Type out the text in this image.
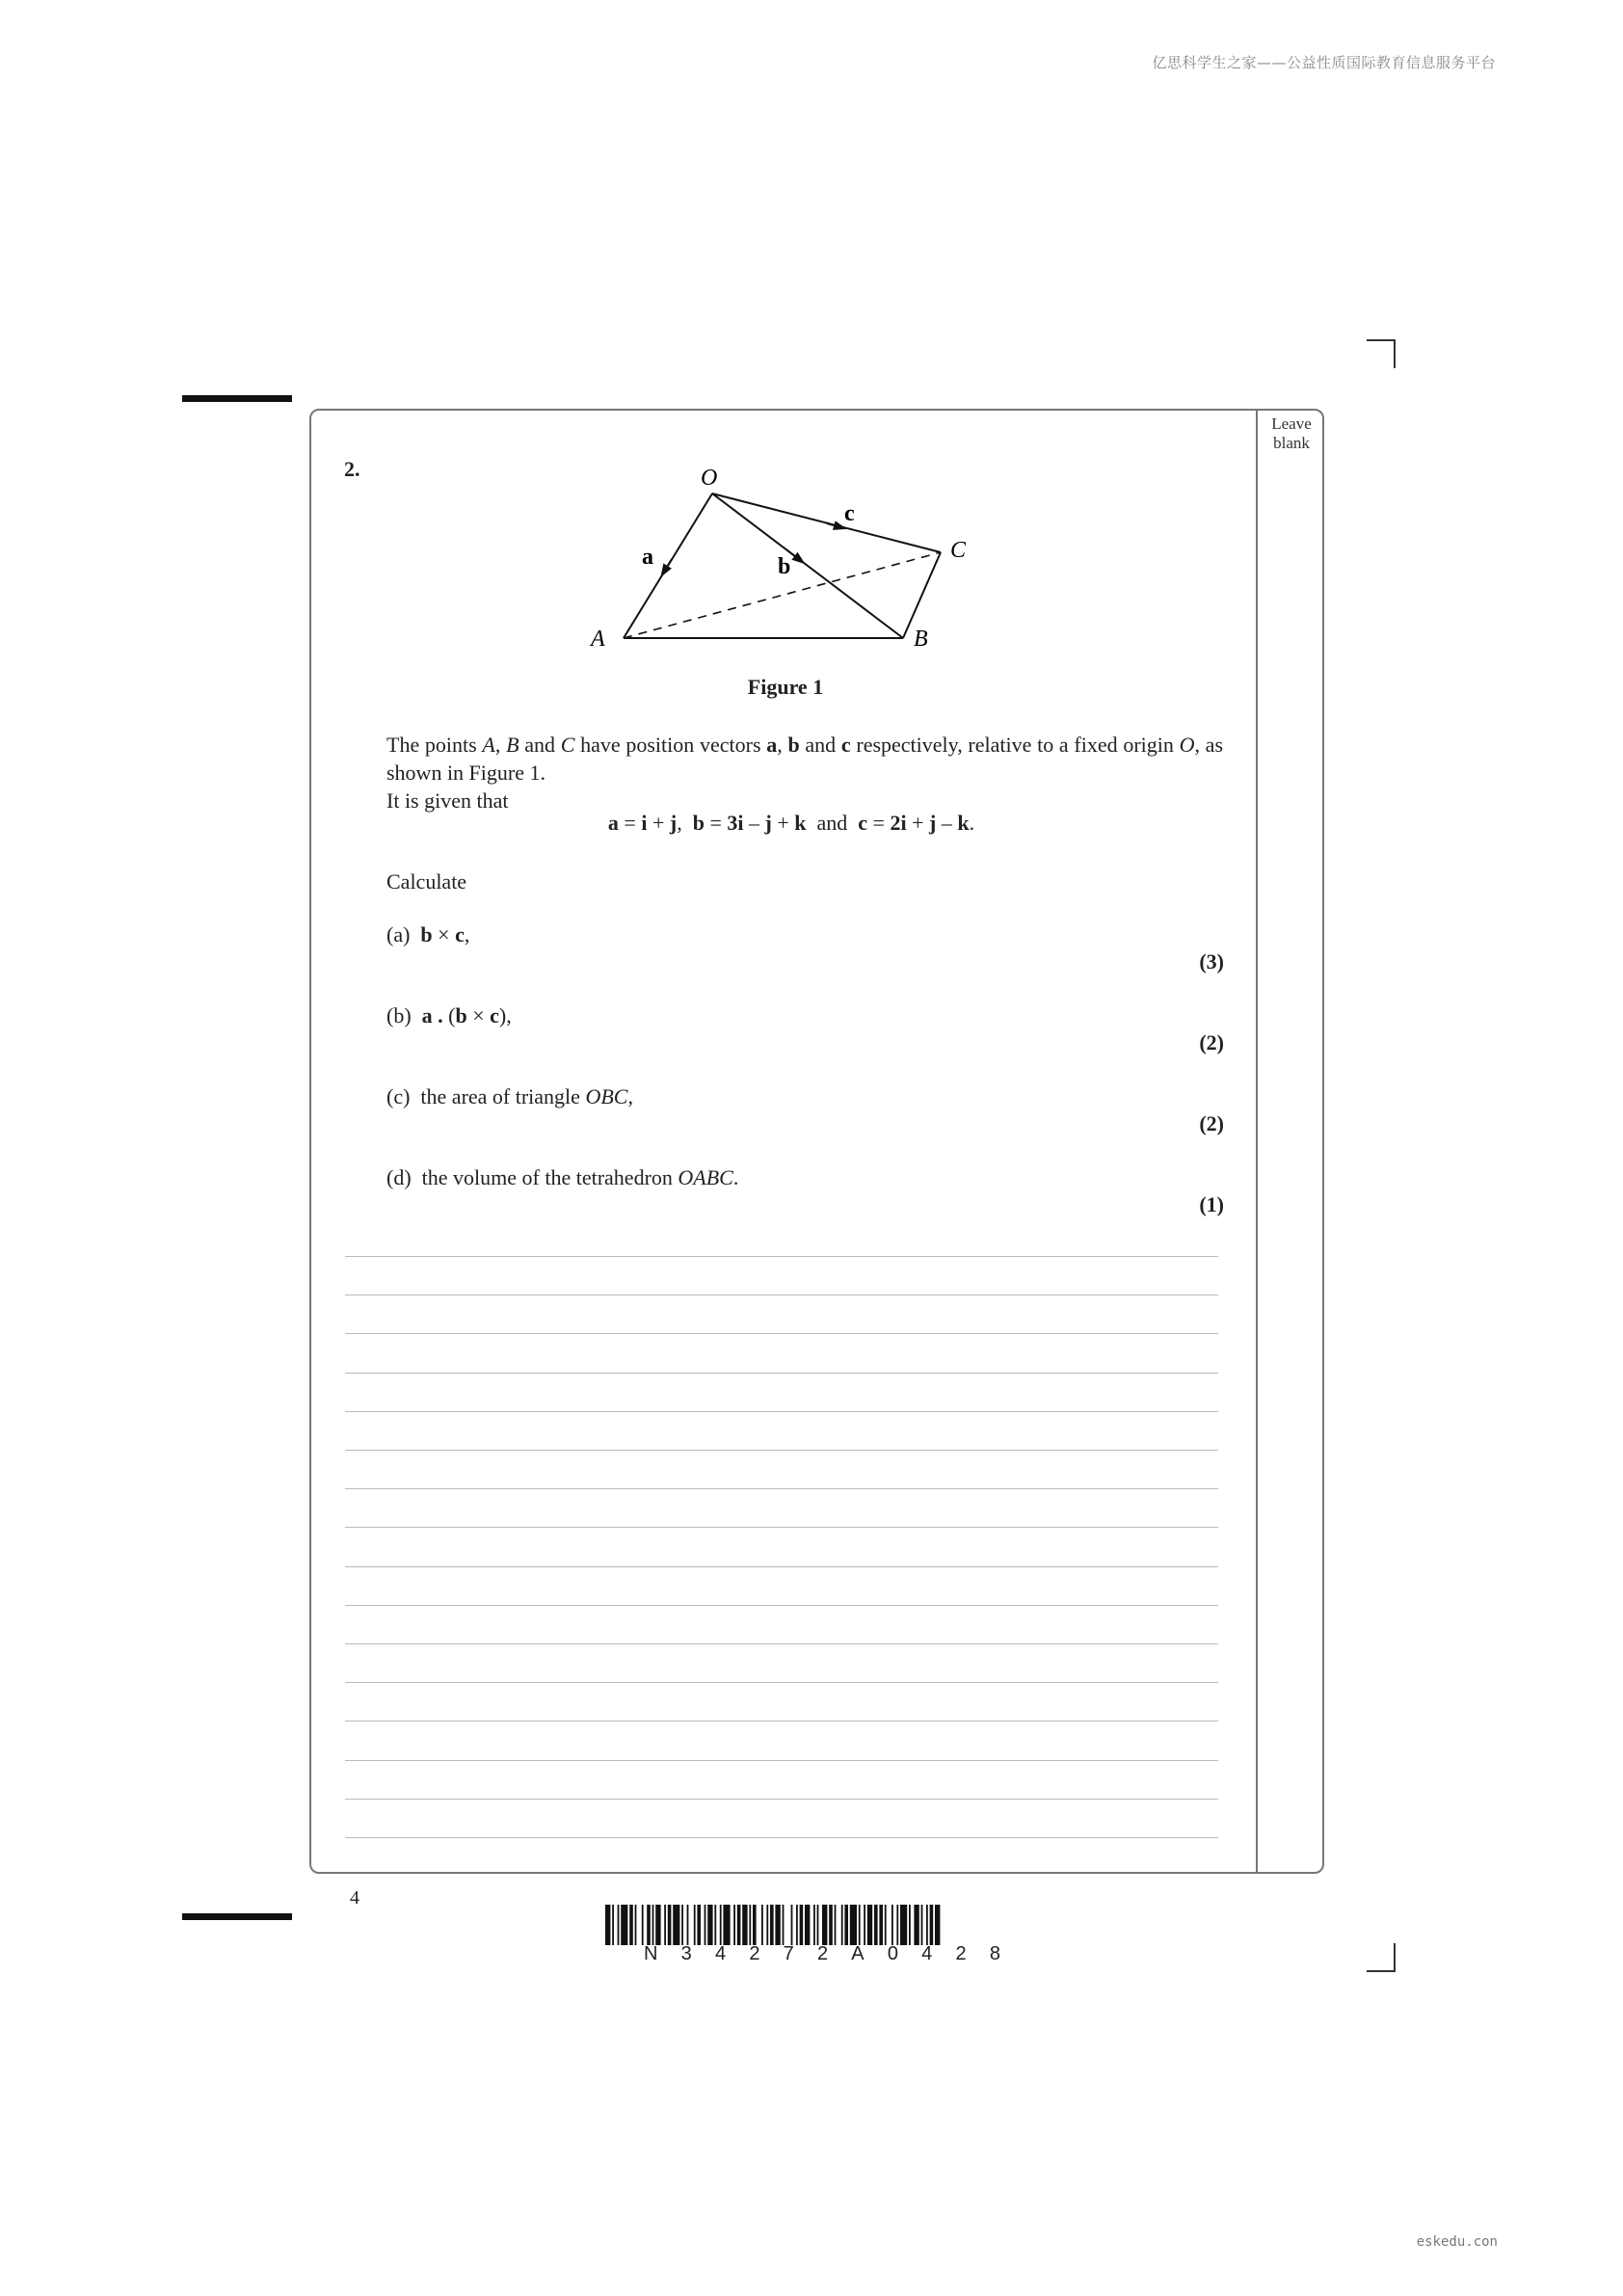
亿思科学生之家——公益性质国际教育信息服务平台
Leave
blank
2.	O
A	B
C
a	b
c
Figure 1
The points A, B and C have position vectors a, b and c respectively, relative to a fixed origin O, as shown in Figure 1.
It is given that
a = i + j,  b = 3i – j + k  and  c = 2i + j – k.
Calculate
(a) b × c,
(3)
(b) a . (b × c),
(2)
(c) the area of triangle OBC,
(2)
(d) the volume of the tetrahedron OABC.
(1)
4
N 3 4 2 7 2 A 0 4 2 8
eskedu.con
